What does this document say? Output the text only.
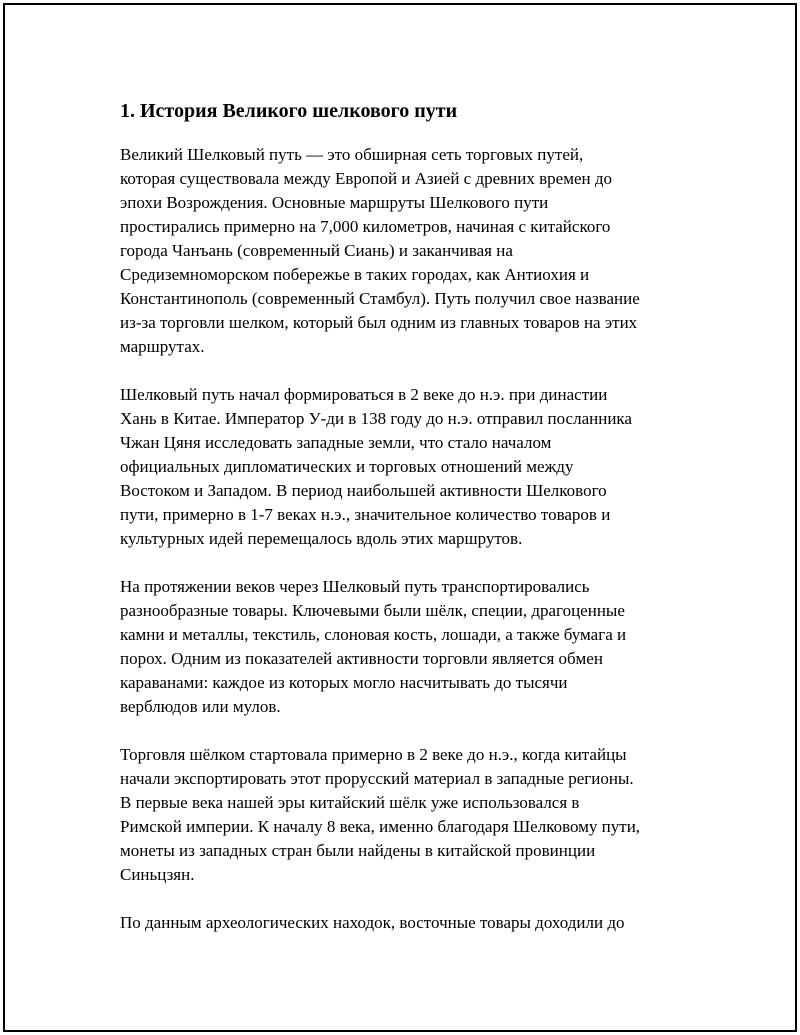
1. История Великого шелкового пути

Великий Шелковый путь — это обширная сеть торговых путей,
которая существовала между Европой и Азией с древних времен до
эпохи Возрождения. Основные маршруты Шелкового пути
простирались примерно на 7,000 километров, начиная с китайского
города Чанъань (современный Сиань) и заканчивая на
Средиземноморском побережье в таких городах, как Антиохия и
Константинополь (современный Стамбул). Путь получил свое название
из-за торговли шелком, который был одним из главных товаров на этих
маршрутах.

Шелковый путь начал формироваться в 2 веке до н.э. при династии
Хань в Китае. Император У-ди в 138 году до н.э. отправил посланника
Чжан Цяня исследовать западные земли, что стало началом
официальных дипломатических и торговых отношений между
Востоком и Западом. В период наибольшей активности Шелкового
пути, примерно в 1-7 веках н.э., значительное количество товаров и
культурных идей перемещалось вдоль этих маршрутов.

На протяжении веков через Шелковый путь транспортировались
разнообразные товары. Ключевыми были шёлк, специи, драгоценные
камни и металлы, текстиль, слоновая кость, лошади, а также бумага и
порох. Одним из показателей активности торговли является обмен
караванами: каждое из которых могло насчитывать до тысячи
верблюдов или мулов.

Торговля шёлком стартовала примерно в 2 веке до н.э., когда китайцы
начали экспортировать этот прорусский материал в западные регионы.
В первые века нашей эры китайский шёлк уже использовался в
Римской империи. К началу 8 века, именно благодаря Шелковому пути,
монеты из западных стран были найдены в китайской провинции
Синьцзян.

По данным археологических находок, восточные товары доходили до
